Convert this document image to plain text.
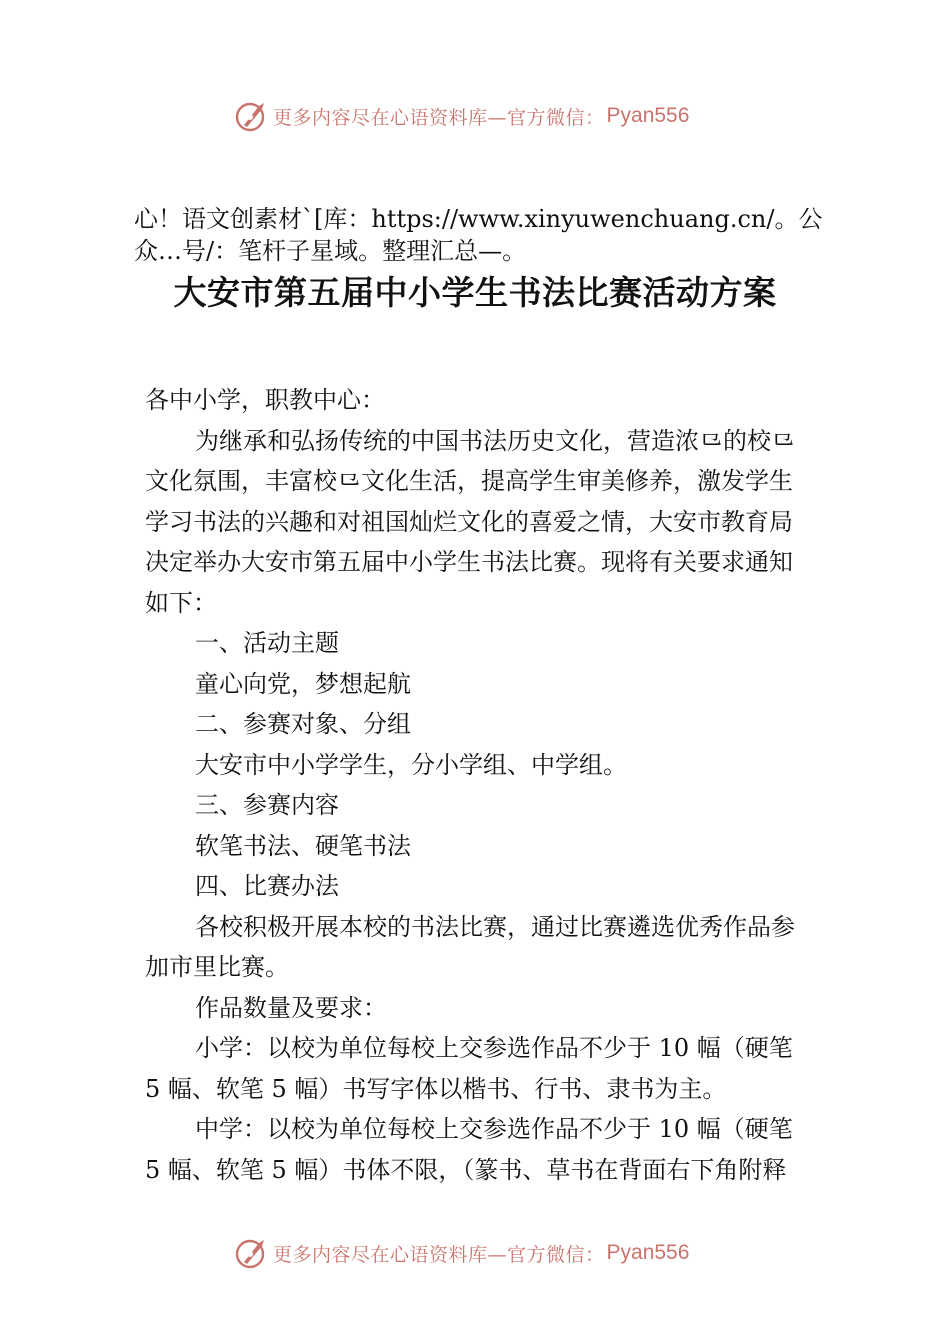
更多内容尽在心语资料库—官方微信： Pyan556
心！语文创素材`[库：https://www.xinyuwenchuang.cn/。公众…号/：笔杆子星域。整理汇总—。
大安市第五届中小学生书法比赛活动方案

各中小学，职教中心：

为继承和弘扬传统的中国书法历史文化，营造浓⺋的校⺋文化氛围，丰富校⺋文化生活，提高学生审美修养，激发学生学习书法的兴趣和对祖国灿烂文化的喜爱之情，大安市教育局决定举办大安市第五届中小学生书法比赛。现将有关要求通知如下：

一、活动主题

童心向党，梦想起航

二、参赛对象、分组

大安市中小学学生，分小学组、中学组。

三、参赛内容

软笔书法、硬笔书法

四、比赛办法

各校积极开展本校的书法比赛，通过比赛遴选优秀作品参加市里比赛。

作品数量及要求：

小学：以校为单位每校上交参选作品不少于 10 幅（硬笔 5 幅、软笔 5 幅）书写字体以楷书、行书、隶书为主。

中学：以校为单位每校上交参选作品不少于 10 幅（硬笔 5 幅、软笔 5 幅）书体不限，（篆书、草书在背面右下角附释

更多内容尽在心语资料库—官方微信： Pyan556
